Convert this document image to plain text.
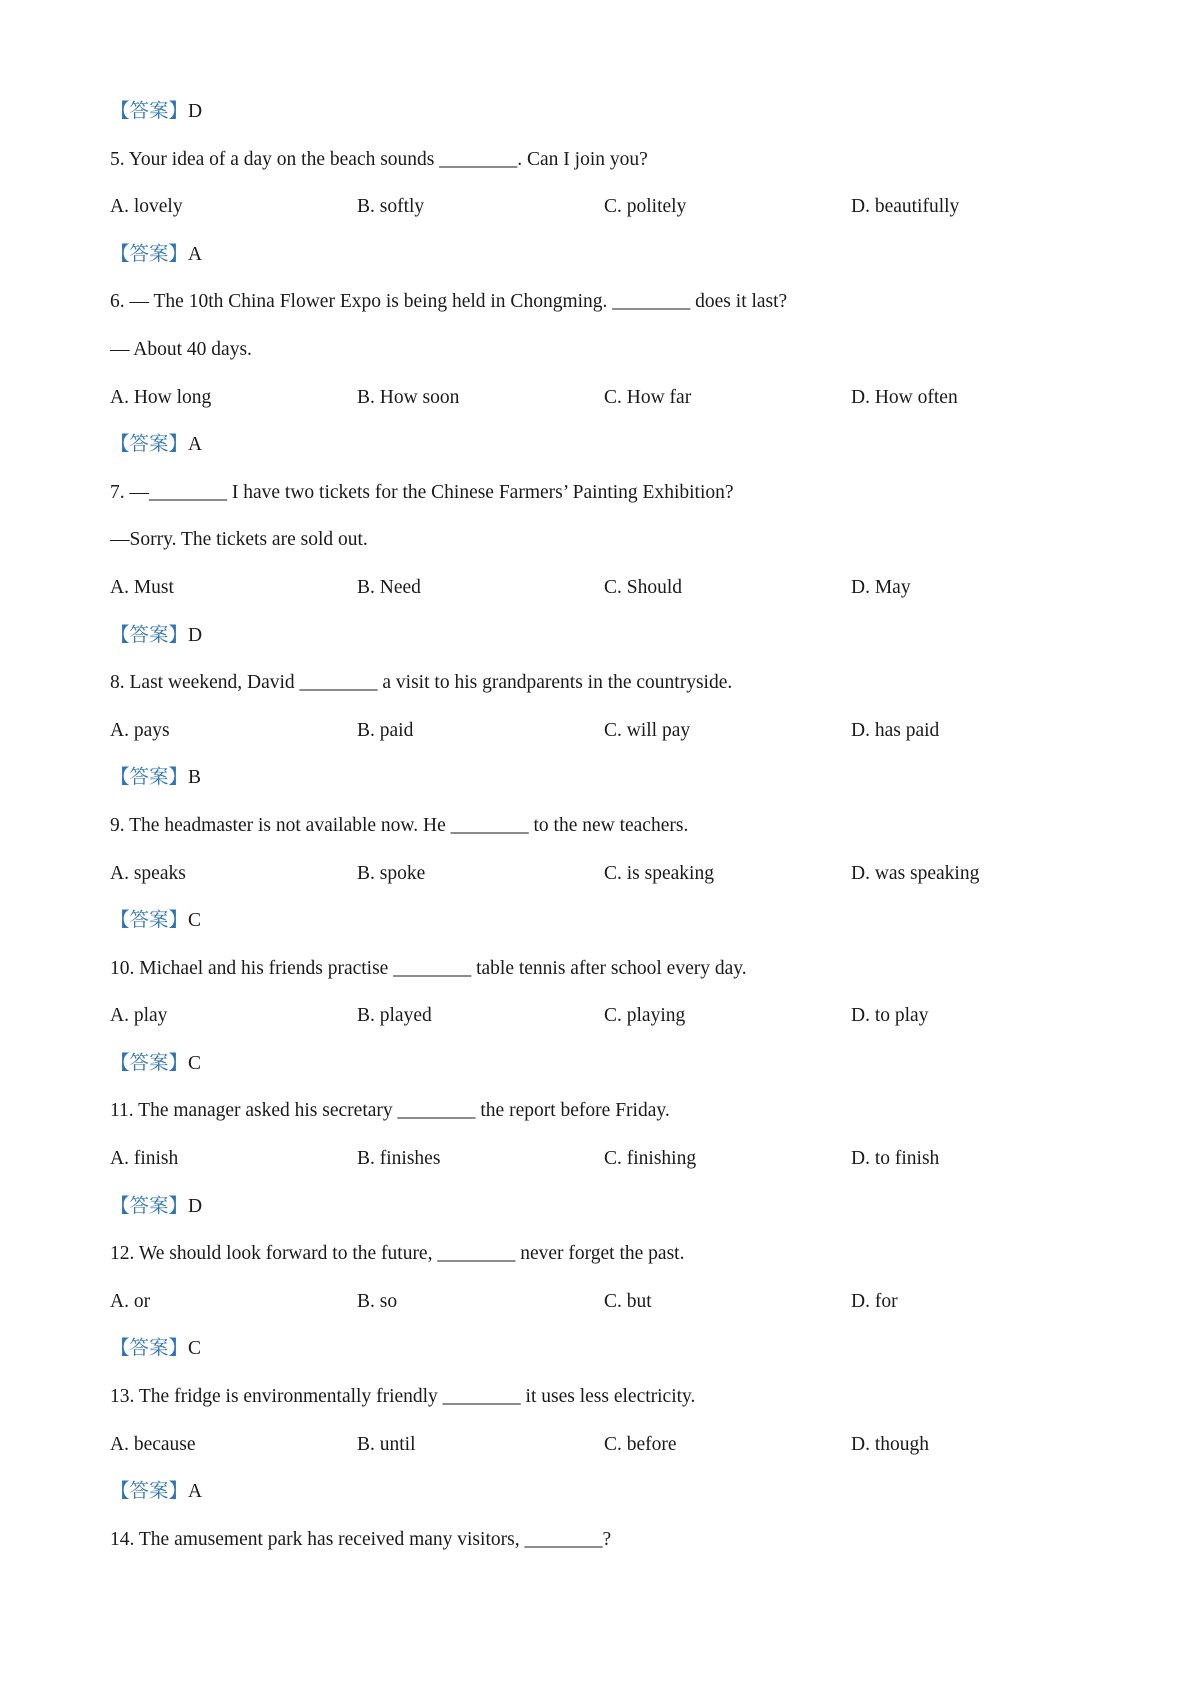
【答案】D
5. Your idea of a day on the beach sounds ________. Can I join you?
A. lovely	B. softly	C. politely	D. beautifully
【答案】A
6. — The 10th China Flower Expo is being held in Chongming. ________ does it last?
— About 40 days.
A. How long	B. How soon	C. How far	D. How often
【答案】A
7. —________ I have two tickets for the Chinese Farmers’ Painting Exhibition?
—Sorry. The tickets are sold out.
A. Must	B. Need	C. Should	D. May
【答案】D
8. Last weekend, David ________ a visit to his grandparents in the countryside.
A. pays	B. paid	C. will pay	D. has paid
【答案】B
9. The headmaster is not available now. He ________ to the new teachers.
A. speaks	B. spoke	C. is speaking	D. was speaking
【答案】C
10. Michael and his friends practise ________ table tennis after school every day.
A. play	B. played	C. playing	D. to play
【答案】C
11. The manager asked his secretary ________ the report before Friday.
A. finish	B. finishes	C. finishing	D. to finish
【答案】D
12. We should look forward to the future, ________ never forget the past.
A. or	B. so	C. but	D. for
【答案】C
13. The fridge is environmentally friendly ________ it uses less electricity.
A. because	B. until	C. before	D. though
【答案】A
14. The amusement park has received many visitors, ________?
